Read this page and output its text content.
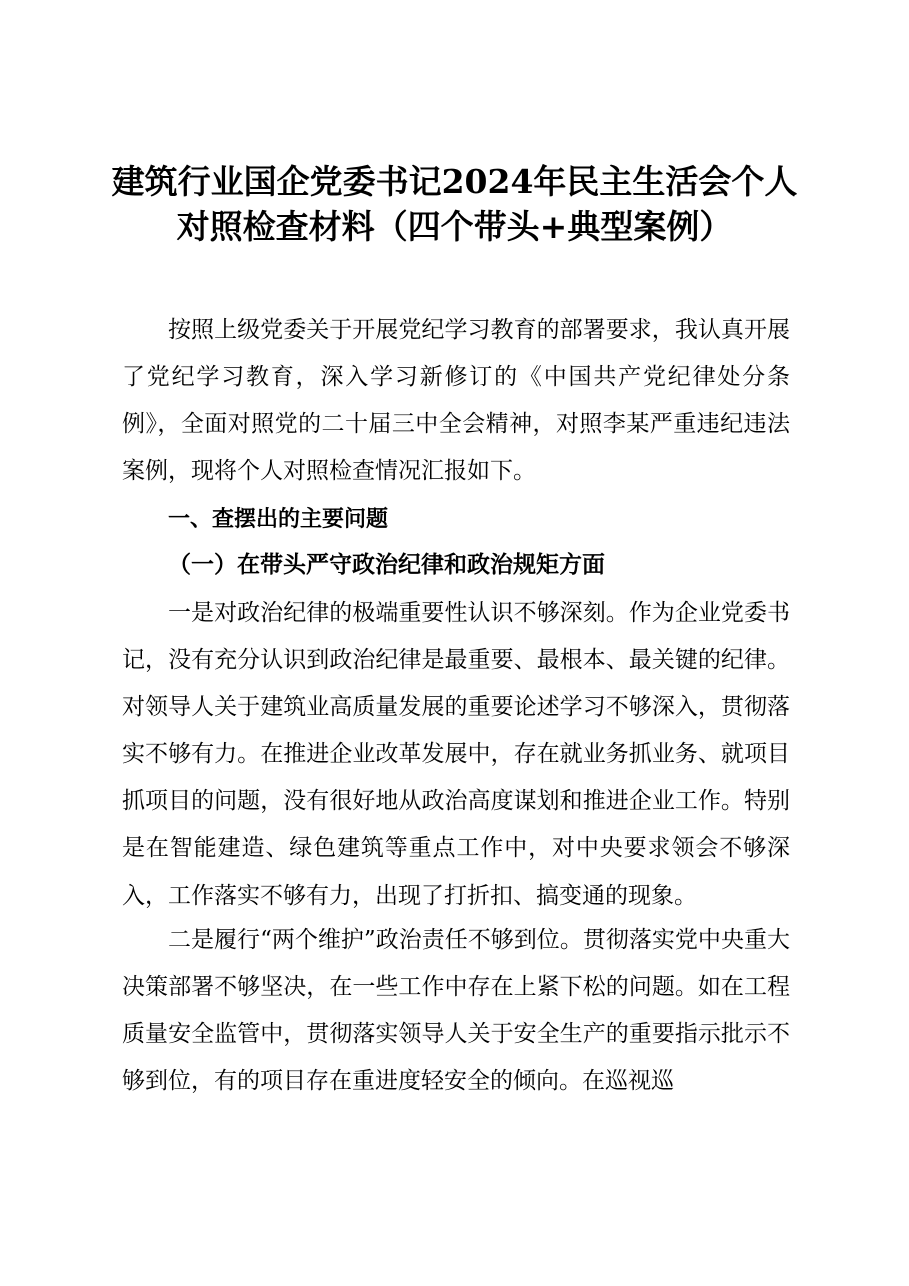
建筑行业国企党委书记2024年民主生活会个人
对照检查材料（四个带头+典型案例）

按照上级党委关于开展党纪学习教育的部署要求，我认真开展了党纪学习教育，深入学习新修订的《中国共产党纪律处分条例》，全面对照党的二十届三中全会精神，对照李某严重违纪违法案例，现将个人对照检查情况汇报如下。

一、查摆出的主要问题
（一）在带头严守政治纪律和政治规矩方面

一是对政治纪律的极端重要性认识不够深刻。作为企业党委书记，没有充分认识到政治纪律是最重要、最根本、最关键的纪律。对领导人关于建筑业高质量发展的重要论述学习不够深入，贯彻落实不够有力。在推进企业改革发展中，存在就业务抓业务、就项目抓项目的问题，没有很好地从政治高度谋划和推进企业工作。特别是在智能建造、绿色建筑等重点工作中，对中央要求领会不够深入，工作落实不够有力，出现了打折扣、搞变通的现象。

二是履行“两个维护”政治责任不够到位。贯彻落实党中央重大决策部署不够坚决，在一些工作中存在上紧下松的问题。如在工程质量安全监管中，贯彻落实领导人关于安全生产的重要指示批示不够到位，有的项目存在重进度轻安全的倾向。在巡视巡
